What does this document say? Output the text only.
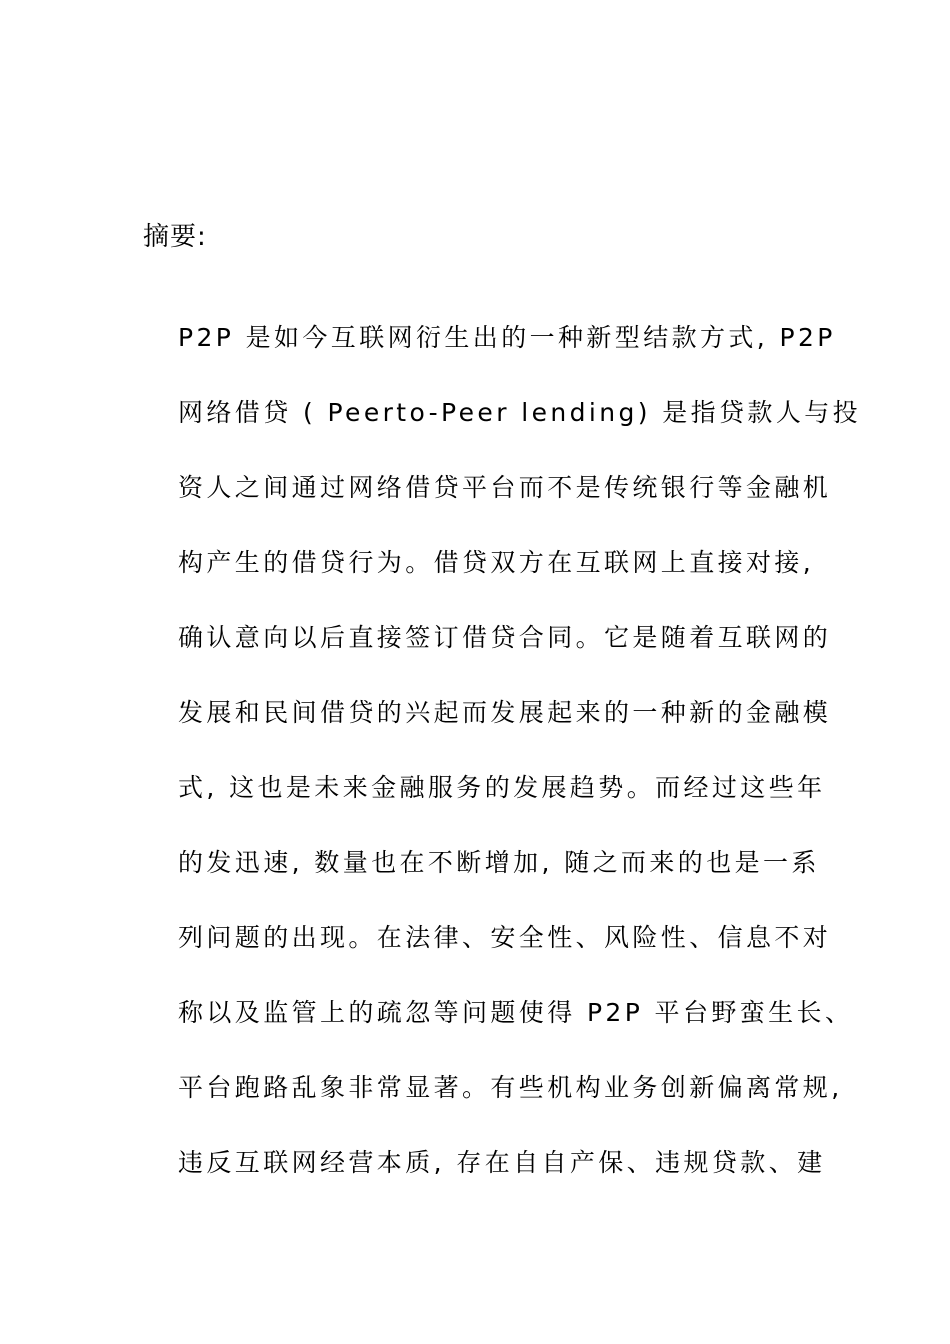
摘要:
P2P 是如今互联网衍生出的一种新型结款方式, P2P
网络借贷 ( Peerto-Peer lending) 是指贷款人与投
资人之间通过网络借贷平台而不是传统银行等金融机
构产生的借贷行为。借贷双方在互联网上直接对接,
确认意向以后直接签订借贷合同。它是随着互联网的
发展和民间借贷的兴起而发展起来的一种新的金融模
式, 这也是未来金融服务的发展趋势。而经过这些年
的发迅速, 数量也在不断增加, 随之而来的也是一系
列问题的出现。在法律、安全性、风险性、信息不对
称以及监管上的疏忽等问题使得 P2P 平台野蛮生长、
平台跑路乱象非常显著。有些机构业务创新偏离常规,
违反互联网经营本质, 存在自自产保、违规贷款、建
